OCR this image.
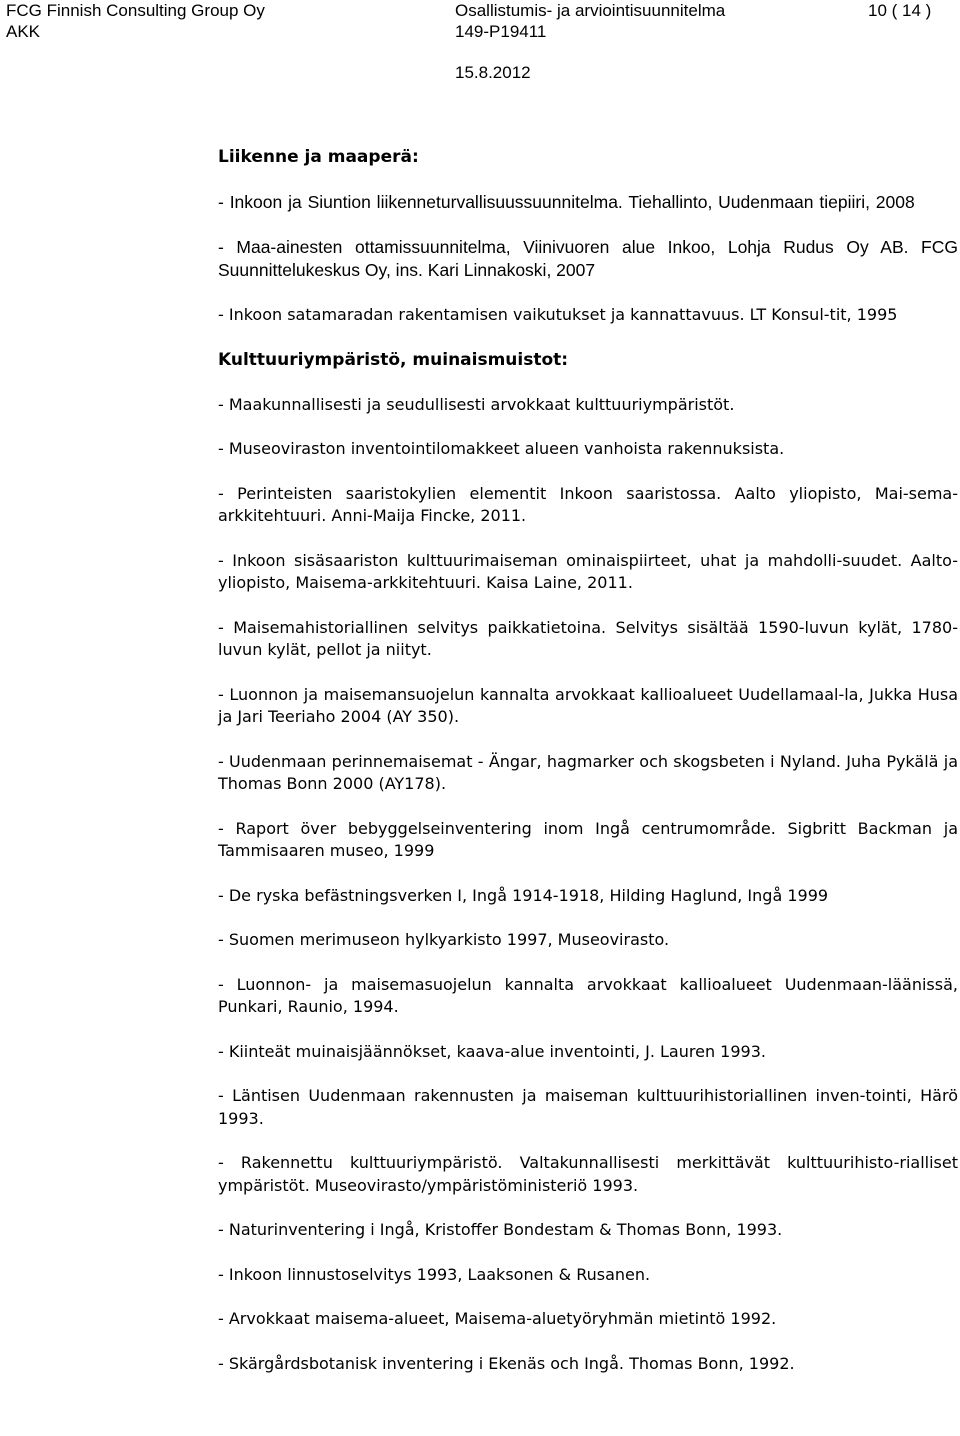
FCG Finnish Consulting Group Oy
AKK
Osallistumis- ja arviointisuunnitelma
149-P19411
15.8.2012
10 ( 14 )

Liikenne ja maaperä:

- Inkoon ja Siuntion liikenneturvallisuussuunnitelma. Tiehallinto, Uudenmaan tiepiiri, 2008

- Maa-ainesten ottamissuunnitelma, Viinivuoren alue Inkoo, Lohja Rudus Oy AB. FCG Suunnittelukeskus Oy, ins. Kari Linnakoski, 2007

- Inkoon satamaradan rakentamisen vaikutukset ja kannattavuus. LT Konsul-tit, 1995

Kulttuuriympäristö, muinaismuistot:

- Maakunnallisesti ja seudullisesti arvokkaat kulttuuriympäristöt.

- Museoviraston inventointilomakkeet alueen vanhoista rakennuksista.

- Perinteisten saaristokylien elementit Inkoon saaristossa. Aalto yliopisto, Mai-sema-arkkitehtuuri. Anni-Maija Fincke, 2011.

- Inkoon sisäsaariston kulttuurimaiseman ominaispiirteet, uhat ja mahdolli-suudet. Aalto-yliopisto, Maisema-arkkitehtuuri. Kaisa Laine, 2011.

- Maisemahistoriallinen selvitys paikkatietoina. Selvitys sisältää 1590-luvun kylät, 1780-luvun kylät, pellot ja niityt.

- Luonnon ja maisemansuojelun kannalta arvokkaat kallioalueet Uudellamaal-la, Jukka Husa ja Jari Teeriaho 2004 (AY 350).

- Uudenmaan perinnemaisemat - Ängar, hagmarker och skogsbeten i Nyland. Juha Pykälä ja Thomas Bonn 2000 (AY178).

- Raport över bebyggelseinventering inom Ingå centrumområde. Sigbritt Backman ja Tammisaaren museo, 1999

- De ryska befästningsverken I, Ingå 1914-1918, Hilding Haglund, Ingå 1999

- Suomen merimuseon hylkyarkisto 1997, Museovirasto.

- Luonnon- ja maisemasuojelun kannalta arvokkaat kallioalueet Uudenmaan-läänissä, Punkari, Raunio, 1994.

- Kiinteät muinaisjäännökset, kaava-alue inventointi, J. Lauren 1993.

- Läntisen Uudenmaan rakennusten ja maiseman kulttuurihistoriallinen inven-tointi, Härö 1993.

- Rakennettu kulttuuriympäristö. Valtakunnallisesti merkittävät kulttuurihisto-rialliset ympäristöt. Museovirasto/ympäristöministeriö 1993.

- Naturinventering i Ingå, Kristoffer Bondestam & Thomas Bonn, 1993.

- Inkoon linnustoselvitys 1993, Laaksonen & Rusanen.

- Arvokkaat maisema-alueet, Maisema-aluetyöryhmän mietintö 1992.

- Skärgårdsbotanisk inventering i Ekenäs och Ingå. Thomas Bonn, 1992.
